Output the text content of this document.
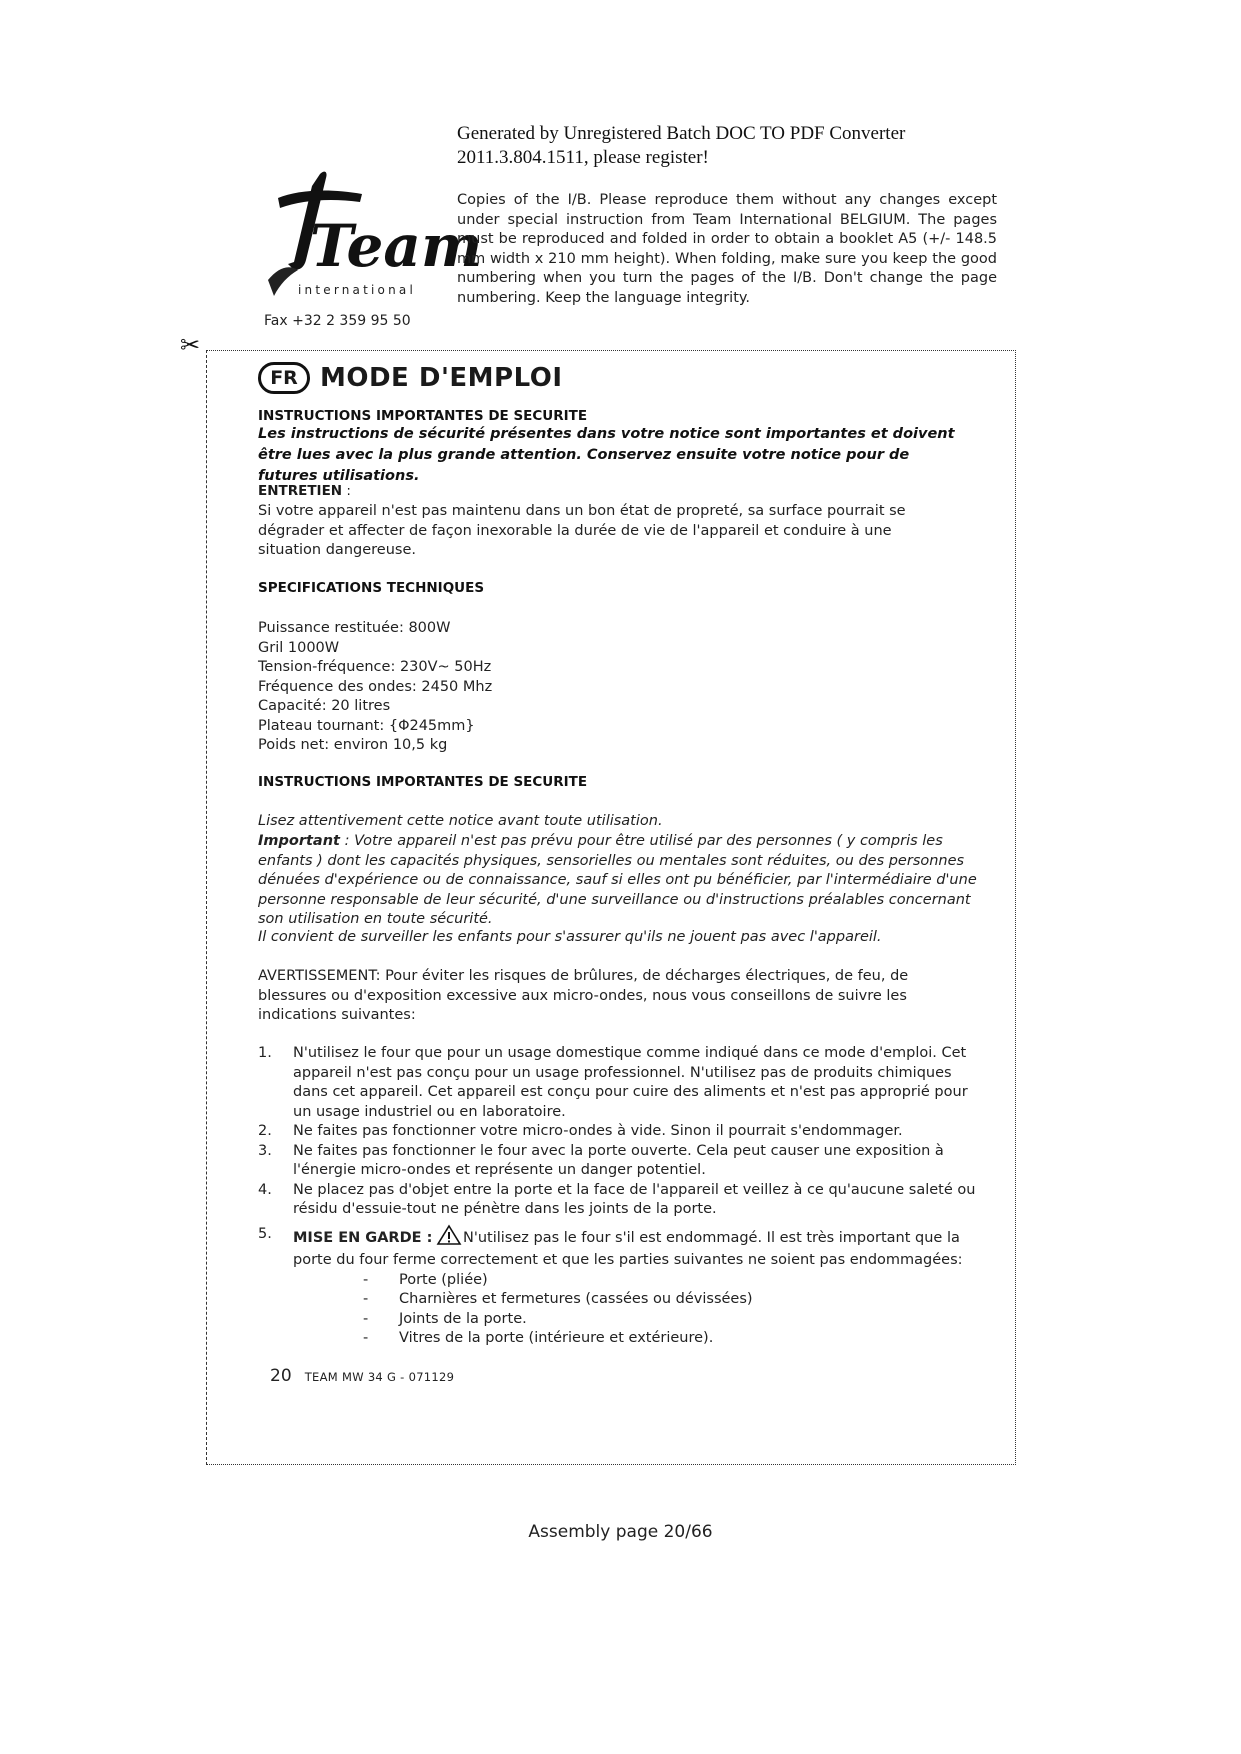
Generated by Unregistered Batch DOC TO PDF Converter
2011.3.804.1511, please register!
Team
international
Fax +32 2 359 95 50
Copies of the I/B. Please reproduce them without any changes except under special instruction from Team International BELGIUM. The pages must be reproduced and folded in order to obtain a booklet A5 (+/- 148.5 mm width x 210 mm height). When folding, make sure you keep the good numbering when you turn the pages of the I/B. Don't change the page numbering. Keep the language integrity.
✂
FR MODE D'EMPLOI
INSTRUCTIONS IMPORTANTES DE SECURITE
Les instructions de sécurité présentes dans votre notice sont importantes et doivent être lues avec la plus grande attention. Conservez ensuite votre notice pour de futures utilisations.
ENTRETIEN :
Si votre appareil n'est pas maintenu dans un bon état de propreté, sa surface pourrait se dégrader et affecter de façon inexorable la durée de vie de l'appareil et conduire à une situation dangereuse.
SPECIFICATIONS TECHNIQUES
Puissance restituée: 800W
Gril 1000W
Tension-fréquence: 230V~ 50Hz
Fréquence des ondes: 2450 Mhz
Capacité: 20 litres
Plateau tournant: {Φ245mm}
Poids net: environ 10,5 kg
INSTRUCTIONS IMPORTANTES DE SECURITE
Lisez attentivement cette notice avant toute utilisation.
Important : Votre appareil n'est pas prévu pour être utilisé par des personnes ( y compris les enfants ) dont les capacités physiques, sensorielles ou mentales sont réduites, ou des personnes dénuées d'expérience ou de connaissance, sauf si elles ont pu bénéficier, par l'intermédiaire d'une personne responsable de leur sécurité, d'une surveillance ou d'instructions préalables concernant son utilisation en toute sécurité.
Il convient de surveiller les enfants pour s'assurer qu'ils ne jouent pas avec l'appareil.
AVERTISSEMENT: Pour éviter les risques de brûlures, de décharges électriques, de feu, de blessures ou d'exposition excessive aux micro-ondes, nous vous conseillons de suivre les indications suivantes:
1.	N'utilisez le four que pour un usage domestique comme indiqué dans ce mode d'emploi. Cet appareil n'est pas conçu pour un usage professionnel. N'utilisez pas de produits chimiques dans cet appareil. Cet appareil est conçu pour cuire des aliments et n'est pas approprié pour un usage industriel ou en laboratoire.
2.	Ne faites pas fonctionner votre micro-ondes à vide. Sinon il pourrait s'endommager.
3.	Ne faites pas fonctionner le four avec la porte ouverte. Cela peut causer une exposition à l'énergie micro-ondes et représente un danger potentiel.
4.	Ne placez pas d'objet entre la porte et la face de l'appareil et veillez à ce qu'aucune saleté ou résidu d'essuie-tout ne pénètre dans les joints de la porte.
5.	MISE EN GARDE : N'utilisez pas le four s'il est endommagé. Il est très important que la porte du four ferme correctement et que les parties suivantes ne soient pas endommagées:
-	Porte (pliée)
-	Charnières et fermetures (cassées ou dévissées)
-	Joints de la porte.
-	Vitres de la porte (intérieure et extérieure).
20 TEAM MW 34 G - 071129
Assembly page 20/66
